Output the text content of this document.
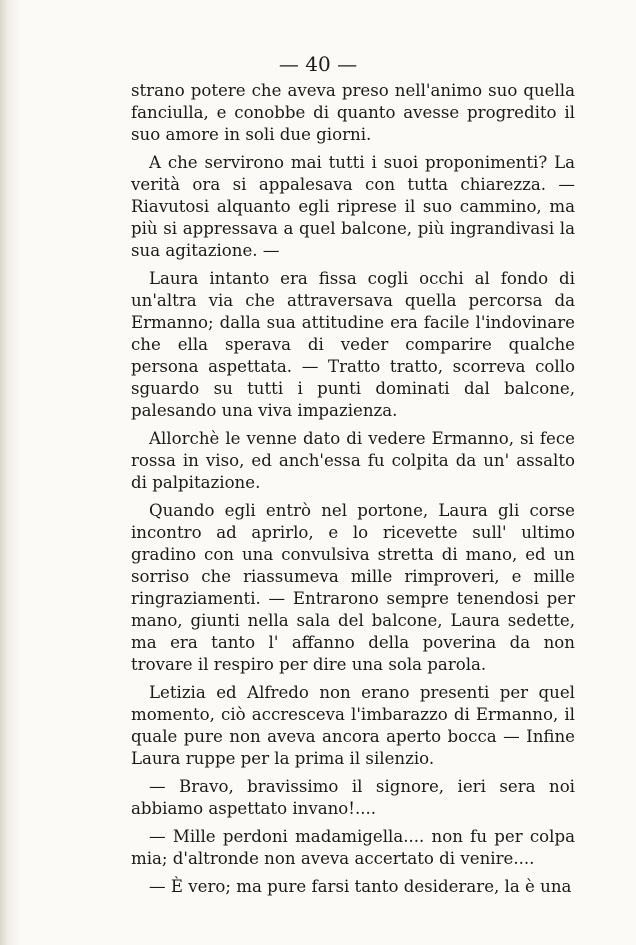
— 40 —

strano potere che aveva preso nell'animo suo quella fanciulla, e conobbe di quanto avesse progredito il suo amore in soli due giorni.

A che servirono mai tutti i suoi proponimenti? La verità ora si appalesava con tutta chiarezza. — Riavutosi alquanto egli riprese il suo cammino, ma più si appressava a quel balcone, più ingrandivasi la sua agitazione. —

Laura intanto era fissa cogli occhi al fondo di un'altra via che attraversava quella percorsa da Ermanno; dalla sua attitudine era facile l'indovinare che ella sperava di veder comparire qualche persona aspettata. — Tratto tratto, scorreva collo sguardo su tutti i punti dominati dal balcone, palesando una viva impazienza.

Allorchè le venne dato di vedere Ermanno, si fece rossa in viso, ed anch'essa fu colpita da un' assalto di palpitazione.

Quando egli entrò nel portone, Laura gli corse incontro ad aprirlo, e lo ricevette sull' ultimo gradino con una convulsiva stretta di mano, ed un sorriso che riassumeva mille rimproveri, e mille ringraziamenti. — Entrarono sempre tenendosi per mano, giunti nella sala del balcone, Laura sedette, ma era tanto l' affanno della poverina da non trovare il respiro per dire una sola parola.

Letizia ed Alfredo non erano presenti per quel momento, ciò accresceva l'imbarazzo di Ermanno, il quale pure non aveva ancora aperto bocca — Infine Laura ruppe per la prima il silenzio.

— Bravo, bravissimo il signore, ieri sera noi abbiamo aspettato invano!....

— Mille perdoni madamigella.... non fu per colpa mia; d'altronde non aveva accertato di venire....

— È vero; ma pure farsi tanto desiderare, la è una
